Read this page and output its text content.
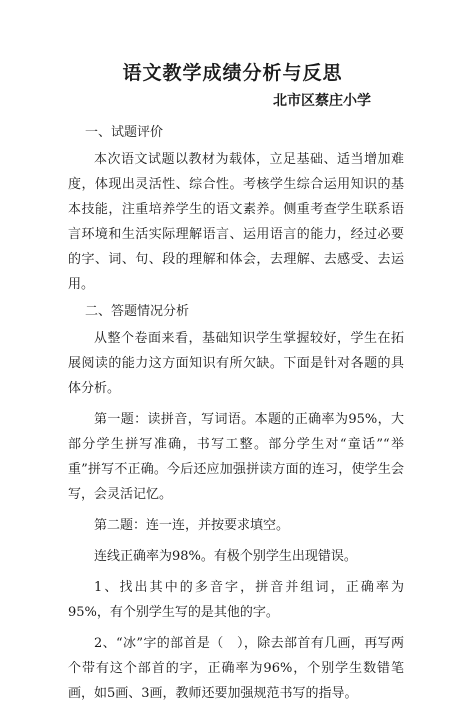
语文教学成绩分析与反思
北市区蔡庄小学

一、试题评价

本次语文试题以教材为载体，立足基础、适当增加难度，体现出灵活性、综合性。考核学生综合运用知识的基本技能，注重培养学生的语文素养。侧重考查学生联系语言环境和生活实际理解语言、运用语言的能力，经过必要的字、词、句、段的理解和体会，去理解、去感受、去运用。

二、答题情况分析

从整个卷面来看，基础知识学生掌握较好，学生在拓展阅读的能力这方面知识有所欠缺。下面是针对各题的具体分析。

第一题：读拼音，写词语。本题的正确率为95%，大部分学生拼写准确，书写工整。部分学生对“童话”“举重”拼写不正确。今后还应加强拼读方面的连习，使学生会写，会灵活记忆。

第二题：连一连，并按要求填空。

连线正确率为98%。有极个别学生出现错误。

1、找出其中的多音字，拼音并组词，正确率为95%，有个别学生写的是其他的字。

2、“冰”字的部首是（　），除去部首有几画，再写两个带有这个部首的字，正确率为96%，个别学生数错笔画，如5画、3画，教师还要加强规范书写的指导。
